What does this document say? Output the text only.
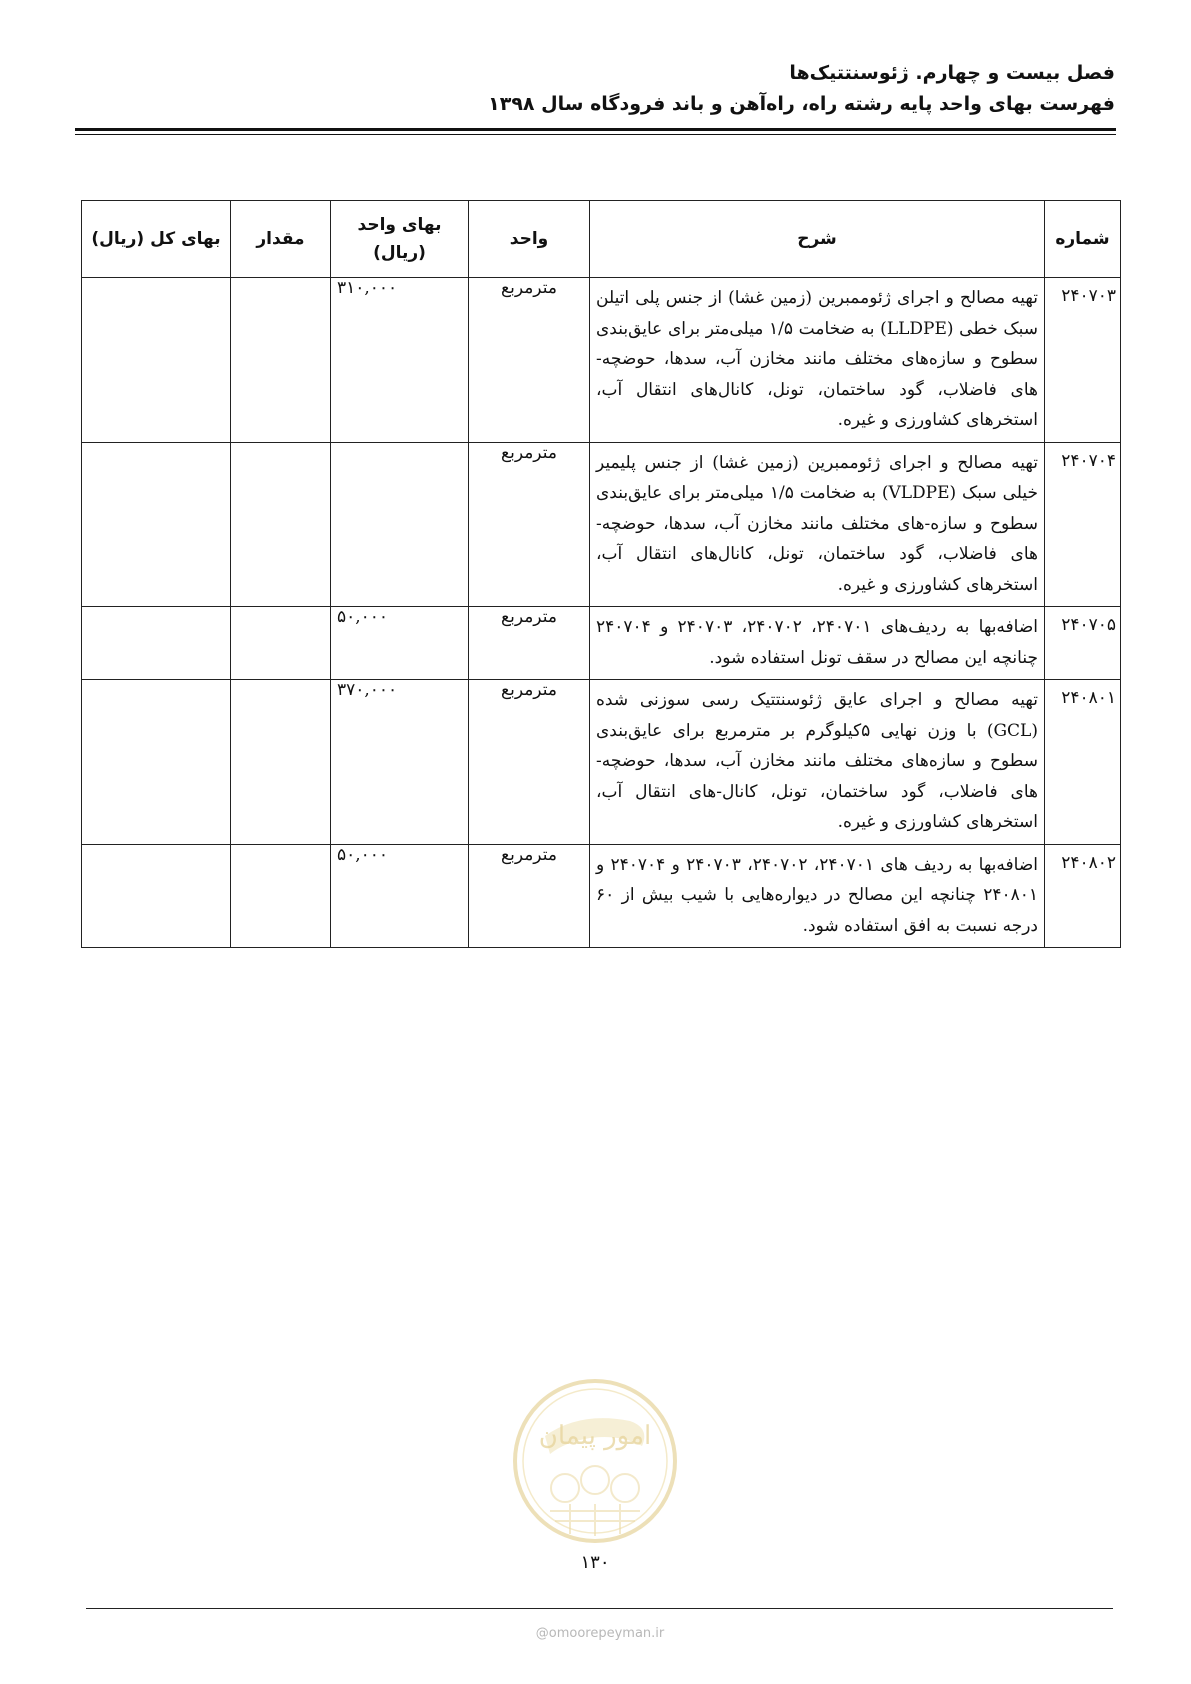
فصل بیست و چهارم. ژئوسنتتیک‌ها
فهرست بهای واحد پایه رشته راه، راه‌آهن و باند فرودگاه سال ۱۳۹۸
شماره	شرح	واحد	بهای واحد (ریال)	مقدار	بهای کل (ریال)
۲۴۰۷۰۳	تهیه مصالح و اجرای ژئوممبرین (زمین غشا) از جنس پلی اتیلن سبک خطی (LLDPE) به ضخامت ۱/۵ میلی‌متر برای عایق‌بندی سطوح و سازه‌های مختلف مانند مخازن آب، سدها، حوضچه‌-های فاضلاب، گود ساختمان، تونل، کانال‌های انتقال آب، استخرهای کشاورزی و غیره.	مترمربع	۳۱۰,۰۰۰		
۲۴۰۷۰۴	تهیه مصالح و اجرای ژئوممبرین (زمین غشا) از جنس پلیمیر خیلی سبک (VLDPE) به ضخامت ۱/۵ میلی‌متر برای عایق‌بندی سطوح و سازه‌-های مختلف مانند مخازن آب، سدها، حوضچه‌-های فاضلاب، گود ساختمان، تونل، کانال‌های انتقال آب، استخرهای کشاورزی و غیره.	مترمربع			
۲۴۰۷۰۵	اضافه‌بها به ردیف‌های ۲۴۰۷۰۱، ۲۴۰۷۰۲، ۲۴۰۷۰۳ و ۲۴۰۷۰۴ چنانچه این مصالح در سقف تونل استفاده شود.	مترمربع	۵۰,۰۰۰		
۲۴۰۸۰۱	تهیه مصالح و اجرای عایق ژئوسنتتیک رسی سوزنی شده (GCL) با وزن نهایی ۵کیلوگرم بر مترمربع برای عایق‌بندی سطوح و سازه‌های مختلف مانند مخازن آب، سدها، حوضچه‌-های فاضلاب، گود ساختمان، تونل، کانال‌-های انتقال آب، استخرهای کشاورزی و غیره.	مترمربع	۳۷۰,۰۰۰		
۲۴۰۸۰۲	اضافه‌بها به ردیف های ۲۴۰۷۰۱، ۲۴۰۷۰۲، ۲۴۰۷۰۳ و ۲۴۰۷۰۴ و ۲۴۰۸۰۱ چنانچه این مصالح در دیواره‌هایی با شیب بیش از ۶۰ درجه نسبت به افق استفاده شود.	مترمربع	۵۰,۰۰۰		
امور پیمان
۱۳۰
@omoorepeyman.ir
